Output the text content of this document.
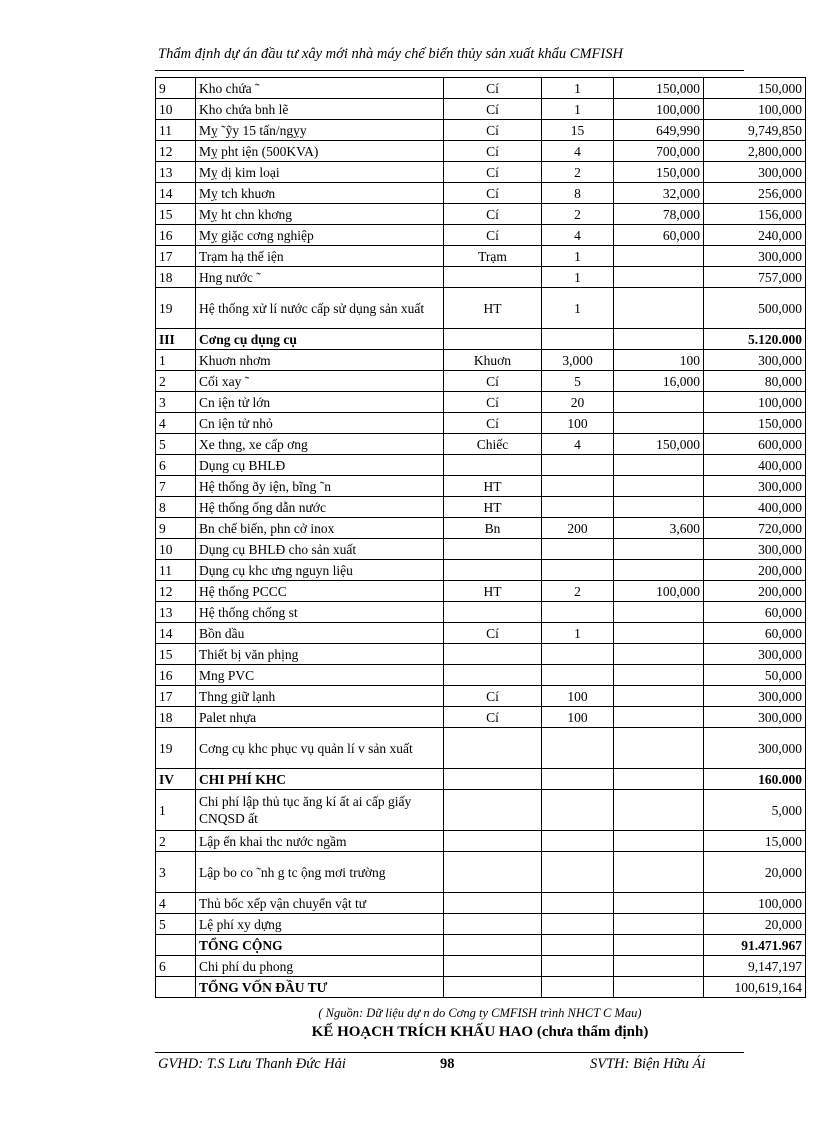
Thẩm định dự án đầu tư xây mới nhà máy chế biến thủy sản xuất khẩu CMFISH
9	Kho chứa ˜	Cí	1	150,000	150,000
10	Kho chứa bnh lẽ	Cí	1	100,000	100,000
11	Mỵ ˜ỹy 15 tấn/ngỵy	Cí	15	649,990	9,749,850
12	Mỵ pht iện (500KVA)	Cí	4	700,000	2,800,000
13	Mỵ dị kim loại	Cí	2	150,000	300,000
14	Mỵ tch khuơn	Cí	8	32,000	256,000
15	Mỵ ht chn khơng	Cí	2	78,000	156,000
16	Mỵ giặc cơng nghiệp	Cí	4	60,000	240,000
17	Trạm hạ thế iện	Trạm	1		300,000
18	Hng nước ˜		1		757,000
19	Hệ thống xử lí nước cấp sử dụng sản xuất	HT	1		500,000
III	Cơng cụ dụng cụ				5.120.000
1	Khuơn nhơm	Khuơn	3,000	100	300,000
2	Cối xay ˜	Cí	5	16,000	80,000
3	Cn iện tử lớn	Cí	20		100,000
4	Cn iện tử nhỏ	Cí	100		150,000
5	Xe thng, xe cấp ơng	Chiếc	4	150,000	600,000
6	Dụng cụ BHLĐ				400,000
7	Hệ thống ðy iện, bĩng ˜n	HT			300,000
8	Hệ thống ống dẫn nước	HT			400,000
9	Bn chế biến, phn cở inox	Bn	200	3,600	720,000
10	Dụng cụ BHLĐ cho sản xuất				300,000
11	Dụng cụ khc ưng nguyn liệu				200,000
12	Hệ thống PCCC	HT	2	100,000	200,000
13	Hệ thống chống st				60,000
14	Bồn dầu	Cí	1		60,000
15	Thiết bị văn phịng				300,000
16	Mng PVC				50,000
17	Thng giữ lạnh	Cí	100		300,000
18	Palet nhựa	Cí	100		300,000
19	Cơng cụ khc phục vụ quản lí v sản xuất				300,000
IV	CHI PHÍ KHC				160.000
1	Chi phí lập thủ tục ăng kí ất ai cấp giấy CNQSD ất				5,000
2	Lập ến khai thc nước ngầm				15,000
3	Lập bo co ˜nh g tc ộng mơi trường				20,000
4	Thủ bốc xếp vận chuyển vật tư				100,000
5	Lệ phí xy dựng				20,000
	TỔNG CỘNG				91.471.967
6	Chi phí du phong				9,147,197
	TỔNG VỐN ĐẦU TƯ				100,619,164
( Nguồn: Dữ liệu dự n do Cơng ty CMFISH trình NHCT C Mau)
KẾ HOẠCH TRÍCH KHẤU HAO (chưa thẩm định)
GVHD: T.S Lưu Thanh Đức Hải	98	SVTH: Biện Hữu Ái
